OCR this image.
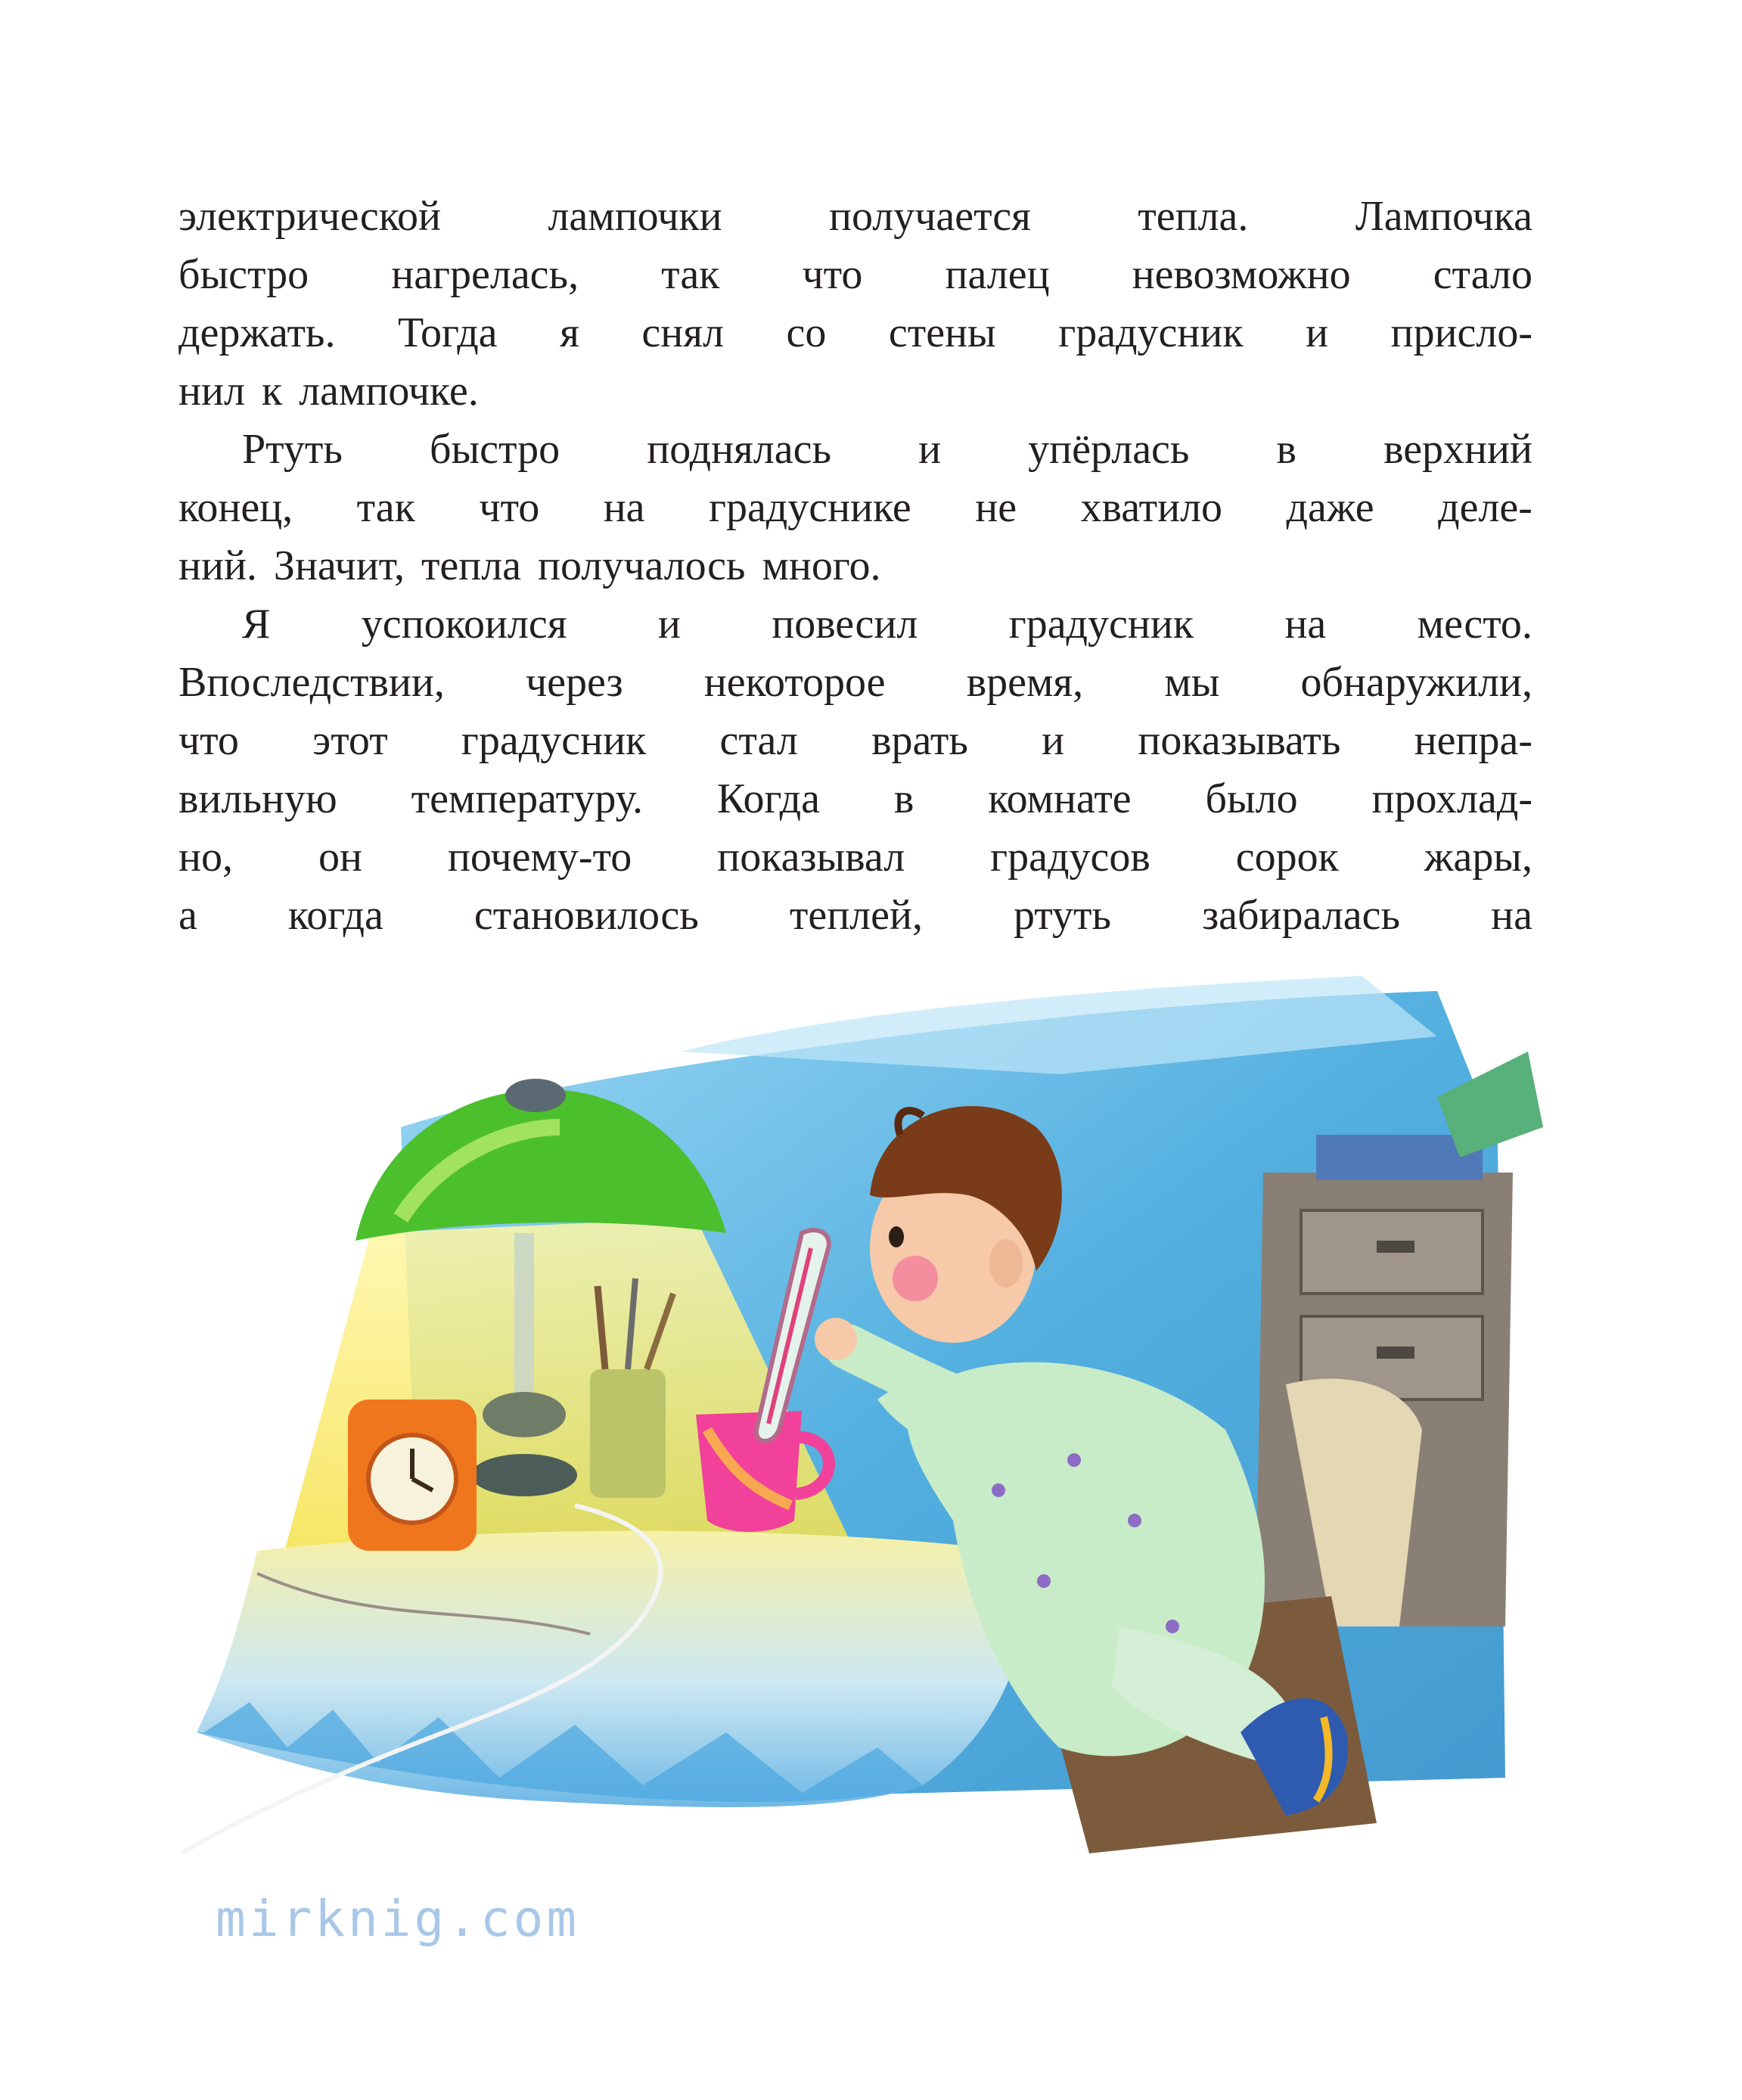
электрической	лампочки	получается	тепла.	Лампочка
быстро нагрелась, так что палец невозможно стало
держать. Тогда я снял со стены градусник и присло-
нил к лампочке.
Ртуть быстро поднялась и упёрлась в верхний
конец, так что на градуснике не хватило даже деле-
ний. Значит, тепла получалось много.
Я успокоился и повесил градусник на место.
Впоследствии, через некоторое время, мы обнаружили,
что этот градусник стал врать и показывать непра-
вильную температуру. Когда в комнате было прохлад-
но, он почему-то показывал градусов сорок жары,
а когда становилось теплей, ртуть забиралась на
mirknig.com
